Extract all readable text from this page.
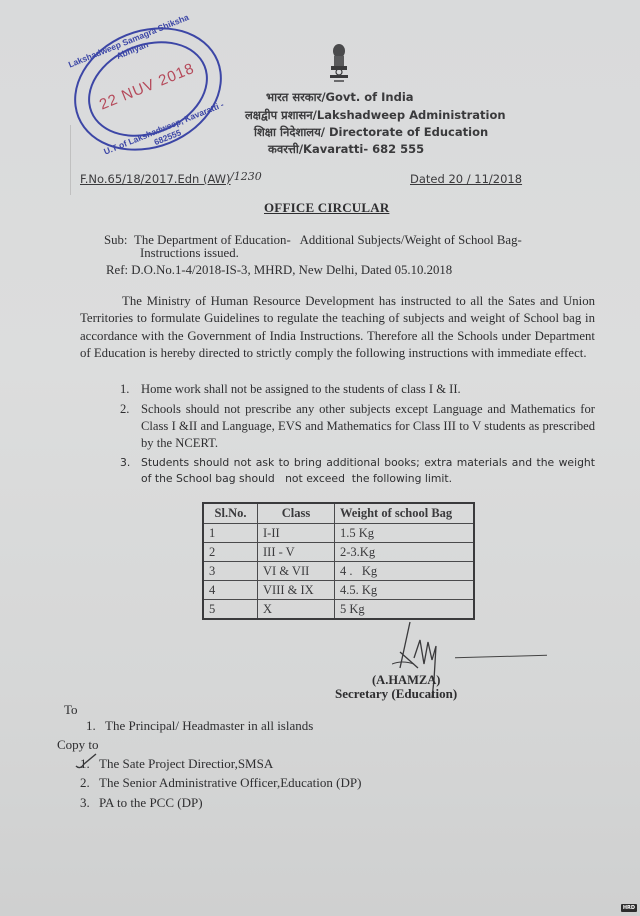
Lakshadweep Samagra Shiksha Abhiyan
22 NUV 2018
U.T of Lakshadweep, Kavaratti - 682555
भारत सरकार/Govt. of India
लक्षद्वीप प्रशासन/Lakshadweep Administration
शिक्षा निदेशालय/ Directorate of Education
कवरत्ती/Kavaratti- 682 555
F.No.65/18/2017.Edn (AW) /1230	Dated 20 / 11/2018
OFFICE CIRCULAR
Sub: The Department of Education-   Additional Subjects/Weight of School Bag-
Instructions issued.
Ref: D.O.No.1-4/2018-IS-3, MHRD, New Delhi, Dated 05.10.2018
The Ministry of Human Resource Development has instructed to all the Sates and Union Territories to formulate Guidelines to regulate the teaching of subjects and weight of School bag in accordance with the Government of India Instructions. Therefore all the Schools under Department of Education is hereby directed to strictly comply the following instructions with immediate effect.
1. Home work shall not be assigned to the students of class I & II.
2. Schools should not prescribe any other subjects except Language and Mathematics for Class I &II and Language, EVS and Mathematics for Class III to V students as prescribed by the NCERT.
3. Students should not ask to bring additional books; extra materials and the weight of the School bag should   not exceed  the following limit.
Sl.No.	Class	Weight of school Bag
1	I-II	1.5 Kg
2	III - V	2-3.Kg
3	VI & VII	4 .   Kg
4	VIII & IX	4.5. Kg
5	X	5 Kg
(A.HAMZA)
Secretary (Education)
To
1. The Principal/ Headmaster in all islands
Copy to
1. The Sate Project Directior,SMSA
2. The Senior Administrative Officer,Education (DP)
3. PA to the PCC (DP)
HRD
